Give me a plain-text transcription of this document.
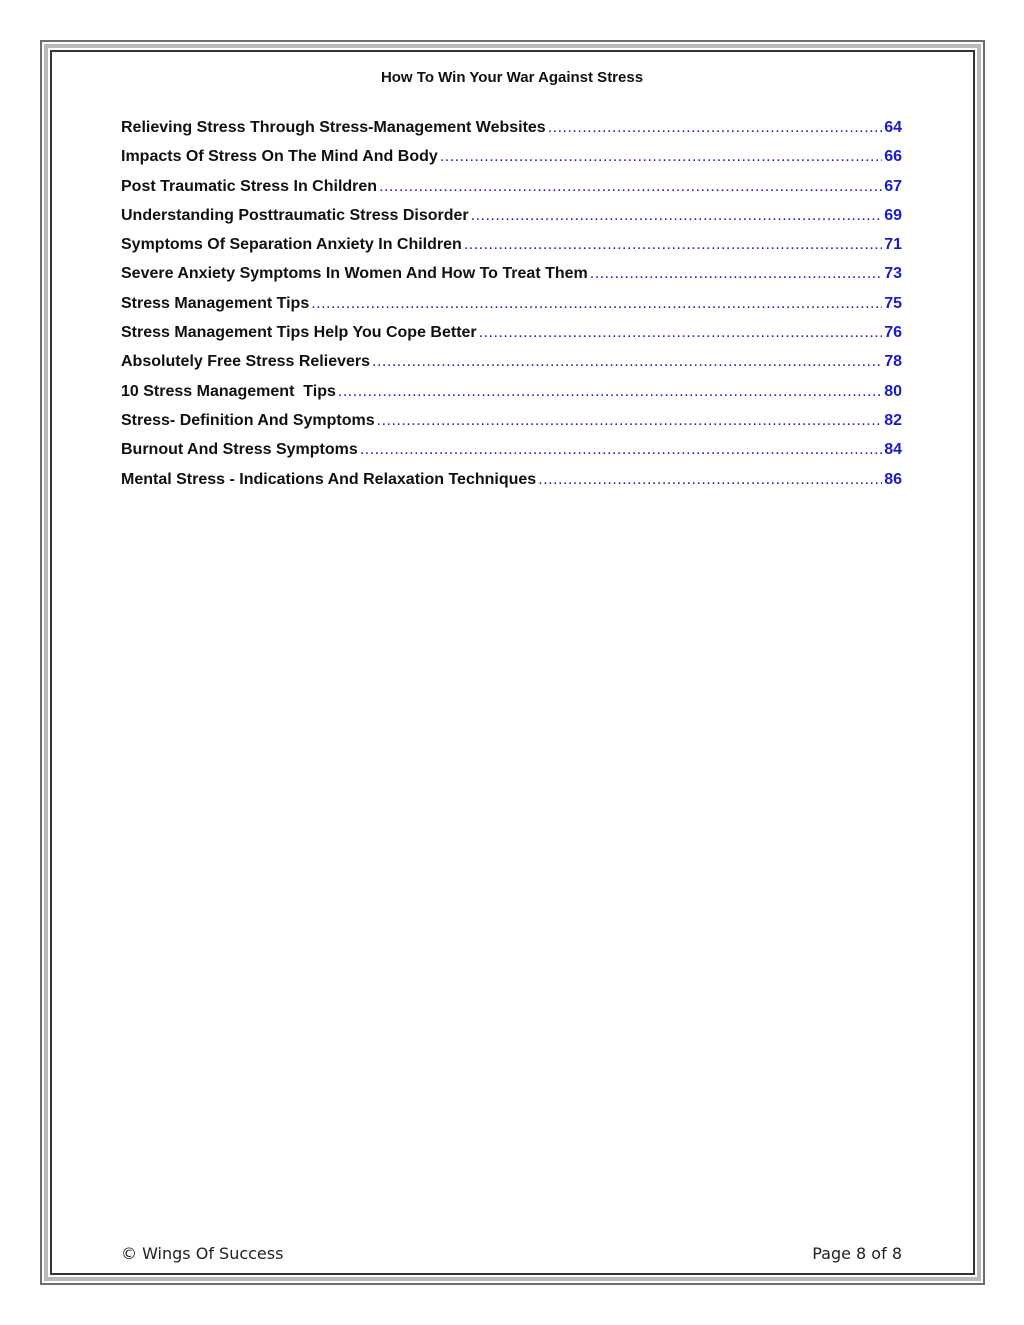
How To Win Your War Against Stress
Relieving Stress Through Stress-Management Websites .....	64
Impacts Of Stress On The Mind And Body .....	66
Post Traumatic Stress In Children .....	67
Understanding Posttraumatic Stress Disorder .....	69
Symptoms Of Separation Anxiety In Children .....	71
Severe Anxiety Symptoms In Women And How To Treat Them .....	73
Stress Management Tips .....	75
Stress Management Tips Help You Cope Better .....	76
Absolutely Free Stress Relievers .....	78
10 Stress Management  Tips .....	80
Stress- Definition And Symptoms .....	82
Burnout And Stress Symptoms .....	84
Mental Stress - Indications And Relaxation Techniques .....	86
© Wings Of Success	Page 8 of 8
